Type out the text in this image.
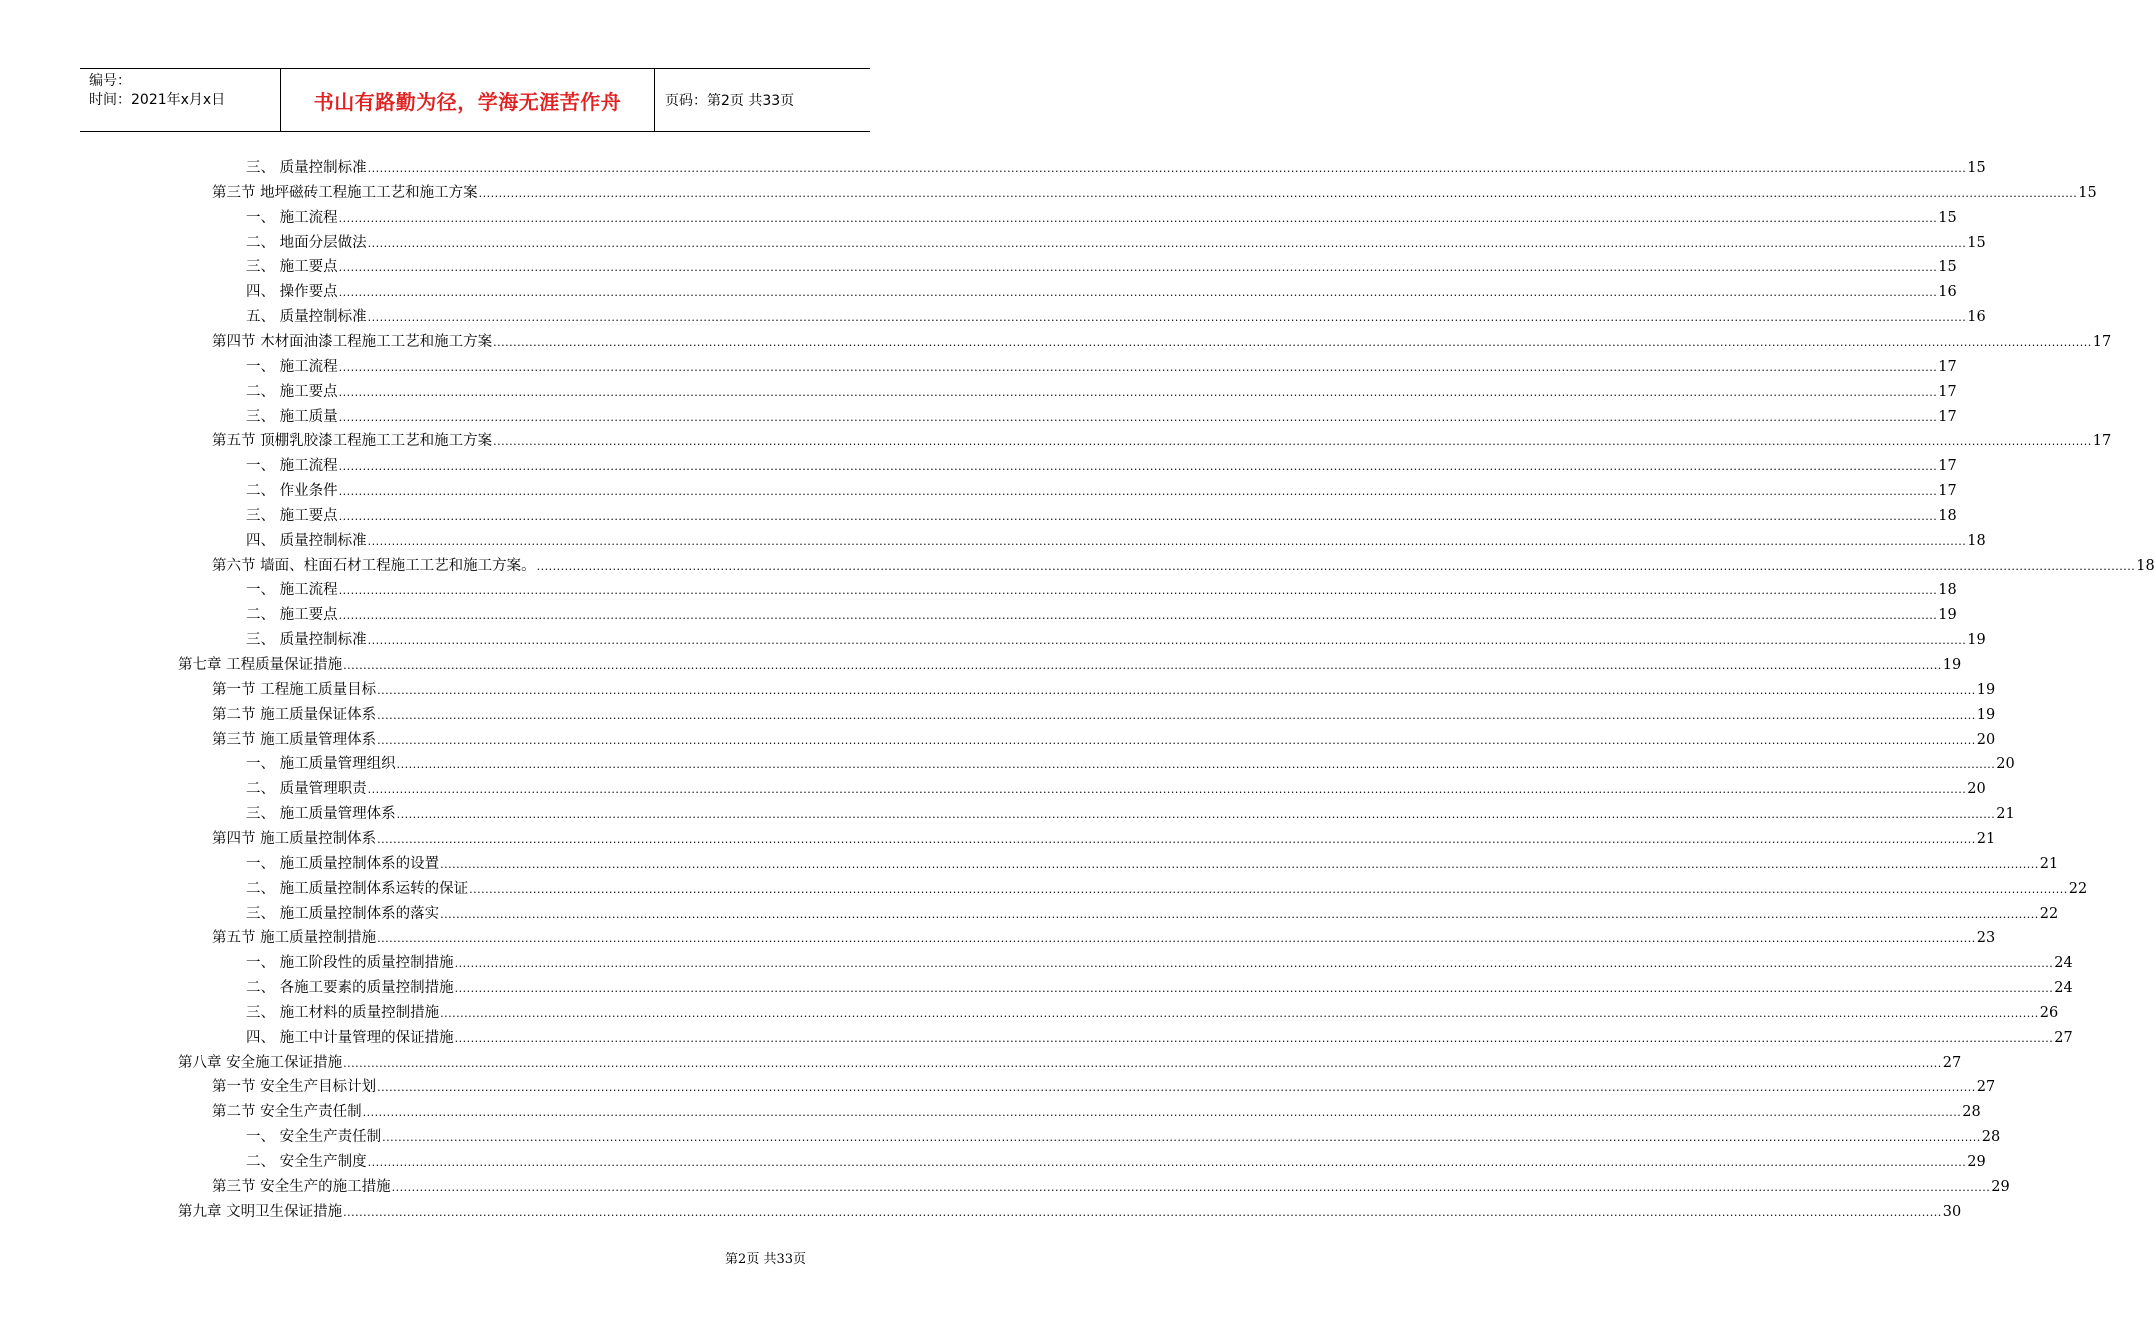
编号：
时间：2021年x月x日	书山有路勤为径，学海无涯苦作舟	页码：第2页 共33页
三、 质量控制标准 ................................................................................................................................................................................................................................................................................................................................................................................................................ 15
第三节 地坪磁砖工程施工工艺和施工方案 ................................................................................................................................................................................................................................................................................................................................................................................................................ 15
一、 施工流程 ................................................................................................................................................................................................................................................................................................................................................................................................................ 15
二、 地面分层做法 ................................................................................................................................................................................................................................................................................................................................................................................................................ 15
三、 施工要点 ................................................................................................................................................................................................................................................................................................................................................................................................................ 15
四、 操作要点 ................................................................................................................................................................................................................................................................................................................................................................................................................ 16
五、 质量控制标准 ................................................................................................................................................................................................................................................................................................................................................................................................................ 16
第四节 木材面油漆工程施工工艺和施工方案 ................................................................................................................................................................................................................................................................................................................................................................................................................ 17
一、 施工流程 ................................................................................................................................................................................................................................................................................................................................................................................................................ 17
二、 施工要点 ................................................................................................................................................................................................................................................................................................................................................................................................................ 17
三、 施工质量 ................................................................................................................................................................................................................................................................................................................................................................................................................ 17
第五节 顶棚乳胶漆工程施工工艺和施工方案 ................................................................................................................................................................................................................................................................................................................................................................................................................ 17
一、 施工流程 ................................................................................................................................................................................................................................................................................................................................................................................................................ 17
二、 作业条件 ................................................................................................................................................................................................................................................................................................................................................................................................................ 17
三、 施工要点 ................................................................................................................................................................................................................................................................................................................................................................................................................ 18
四、 质量控制标准 ................................................................................................................................................................................................................................................................................................................................................................................................................ 18
第六节 墙面、柱面石材工程施工工艺和施工方案。 ................................................................................................................................................................................................................................................................................................................................................................................................................ 18
一、 施工流程 ................................................................................................................................................................................................................................................................................................................................................................................................................ 18
二、 施工要点 ................................................................................................................................................................................................................................................................................................................................................................................................................ 19
三、 质量控制标准 ................................................................................................................................................................................................................................................................................................................................................................................................................ 19
第七章 工程质量保证措施 ................................................................................................................................................................................................................................................................................................................................................................................................................ 19
第一节 工程施工质量目标 ................................................................................................................................................................................................................................................................................................................................................................................................................ 19
第二节 施工质量保证体系 ................................................................................................................................................................................................................................................................................................................................................................................................................ 19
第三节 施工质量管理体系 ................................................................................................................................................................................................................................................................................................................................................................................................................ 20
一、 施工质量管理组织 ................................................................................................................................................................................................................................................................................................................................................................................................................ 20
二、 质量管理职责 ................................................................................................................................................................................................................................................................................................................................................................................................................ 20
三、 施工质量管理体系 ................................................................................................................................................................................................................................................................................................................................................................................................................ 21
第四节 施工质量控制体系 ................................................................................................................................................................................................................................................................................................................................................................................................................ 21
一、 施工质量控制体系的设置 ................................................................................................................................................................................................................................................................................................................................................................................................................ 21
二、 施工质量控制体系运转的保证 ................................................................................................................................................................................................................................................................................................................................................................................................................ 22
三、 施工质量控制体系的落实 ................................................................................................................................................................................................................................................................................................................................................................................................................ 22
第五节 施工质量控制措施 ................................................................................................................................................................................................................................................................................................................................................................................................................ 23
一、 施工阶段性的质量控制措施 ................................................................................................................................................................................................................................................................................................................................................................................................................ 24
二、 各施工要素的质量控制措施 ................................................................................................................................................................................................................................................................................................................................................................................................................ 24
三、 施工材料的质量控制措施 ................................................................................................................................................................................................................................................................................................................................................................................................................ 26
四、 施工中计量管理的保证措施 ................................................................................................................................................................................................................................................................................................................................................................................................................ 27
第八章 安全施工保证措施 ................................................................................................................................................................................................................................................................................................................................................................................................................ 27
第一节 安全生产目标计划 ................................................................................................................................................................................................................................................................................................................................................................................................................ 27
第二节 安全生产责任制 ................................................................................................................................................................................................................................................................................................................................................................................................................ 28
一、 安全生产责任制 ................................................................................................................................................................................................................................................................................................................................................................................................................ 28
二、 安全生产制度 ................................................................................................................................................................................................................................................................................................................................................................................................................ 29
第三节 安全生产的施工措施 ................................................................................................................................................................................................................................................................................................................................................................................................................ 29
第九章 文明卫生保证措施 ................................................................................................................................................................................................................................................................................................................................................................................................................ 30
第2页 共33页
